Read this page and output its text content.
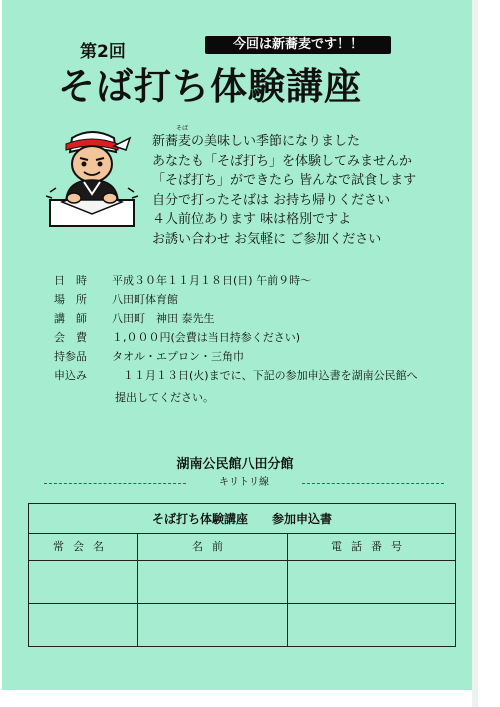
第2回	今回は新蕎麦です！！
そば打ち体験講座
そば
新蕎麦の美味しい季節になりました
あなたも「そば打ち」を体験してみませんか
「そば打ち」ができたら 皆んなで試食します
自分で打ったそばは お持ち帰りください
４人前位あります 味は格別ですよ
お誘い合わせ お気軽に ご参加ください
日　時 平成３０年１１月１８日(日) 午前９時～
場　所 八田町体育館
講　師 八田町　神田 泰先生
会　費 １,０００円(会費は当日持参ください)
持参品 タオル・エプロン・三角巾
申込み 　１１月１３日(火)までに、下記の参加申込書を湖南公民館へ
提出してください。
湖南公民館八田分館
キリトリ線
そば打ち体験講座　　参加申込書
常会名	名前	電話番号
